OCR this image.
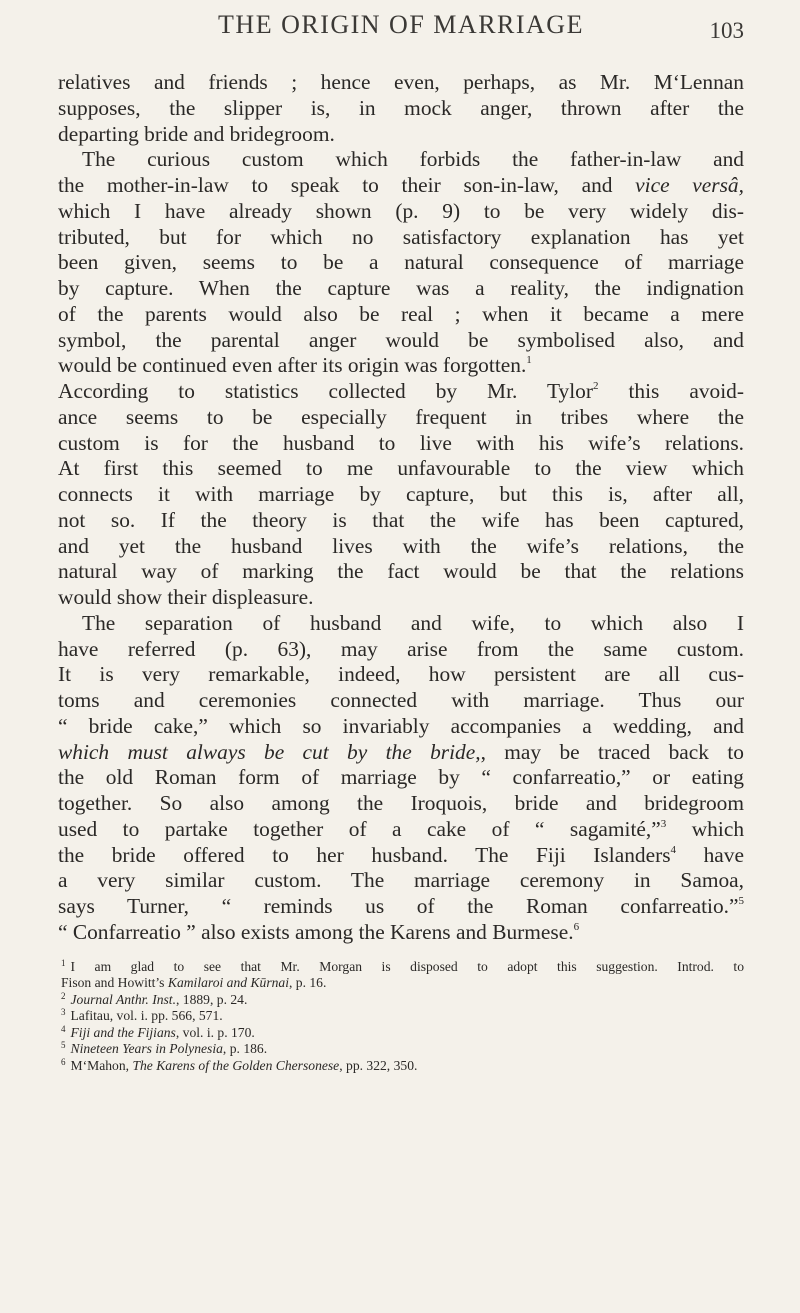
THE ORIGIN OF MARRIAGE	103
relatives and friends ; hence even, perhaps, as Mr. M‘Lennan
supposes, the slipper is, in mock anger, thrown after the
departing bride and bridegroom.
The curious custom which forbids the father-in-law and
the mother-in-law to speak to their son-in-law, and vice versâ,
which I have already shown (p. 9) to be very widely dis-
tributed, but for which no satisfactory explanation has yet
been given, seems to be a natural consequence of marriage
by capture. When the capture was a reality, the indignation
of the parents would also be real ; when it became a mere
symbol, the parental anger would be symbolised also, and
would be continued even after its origin was forgotten.$^1$
According to statistics collected by Mr. Tylor$^2$ this avoid-
ance seems to be especially frequent in tribes where the
custom is for the husband to live with his wife’s relations.
At first this seemed to me unfavourable to the view which
connects it with marriage by capture, but this is, after all,
not so. If the theory is that the wife has been captured,
and yet the husband lives with the wife’s relations, the
natural way of marking the fact would be that the relations
would show their displeasure.
The separation of husband and wife, to which also I
have referred (p. 63), may arise from the same custom.
It is very remarkable, indeed, how persistent are all cus-
toms and ceremonies connected with marriage. Thus our
“ bride cake,” which so invariably accompanies a wedding, and
which must always be cut by the bride,, may be traced back to
the old Roman form of marriage by “ confarreatio,” or eating
together. So also among the Iroquois, bride and bridegroom
used to partake together of a cake of “ sagamité,”$^3$ which
the bride offered to her husband. The Fiji Islanders$^4$ have
a very similar custom. The marriage ceremony in Samoa,
says Turner, “ reminds us of the Roman confarreatio.”$^5$
“ Confarreatio ” also exists among the Karens and Burmese.$^6$
$^1$ I am glad to see that Mr. Morgan is disposed to adopt this suggestion. Introd. to
Fison and Howitt’s Kamilaroi and Kūrnai, p. 16.
$^2$ Journal Anthr. Inst., 1889, p. 24.
$^3$ Lafitau, vol. i. pp. 566, 571.
$^4$ Fiji and the Fijians, vol. i. p. 170.
$^5$ Nineteen Years in Polynesia, p. 186.
$^6$ M‘Mahon, The Karens of the Golden Chersonese, pp. 322, 350.
